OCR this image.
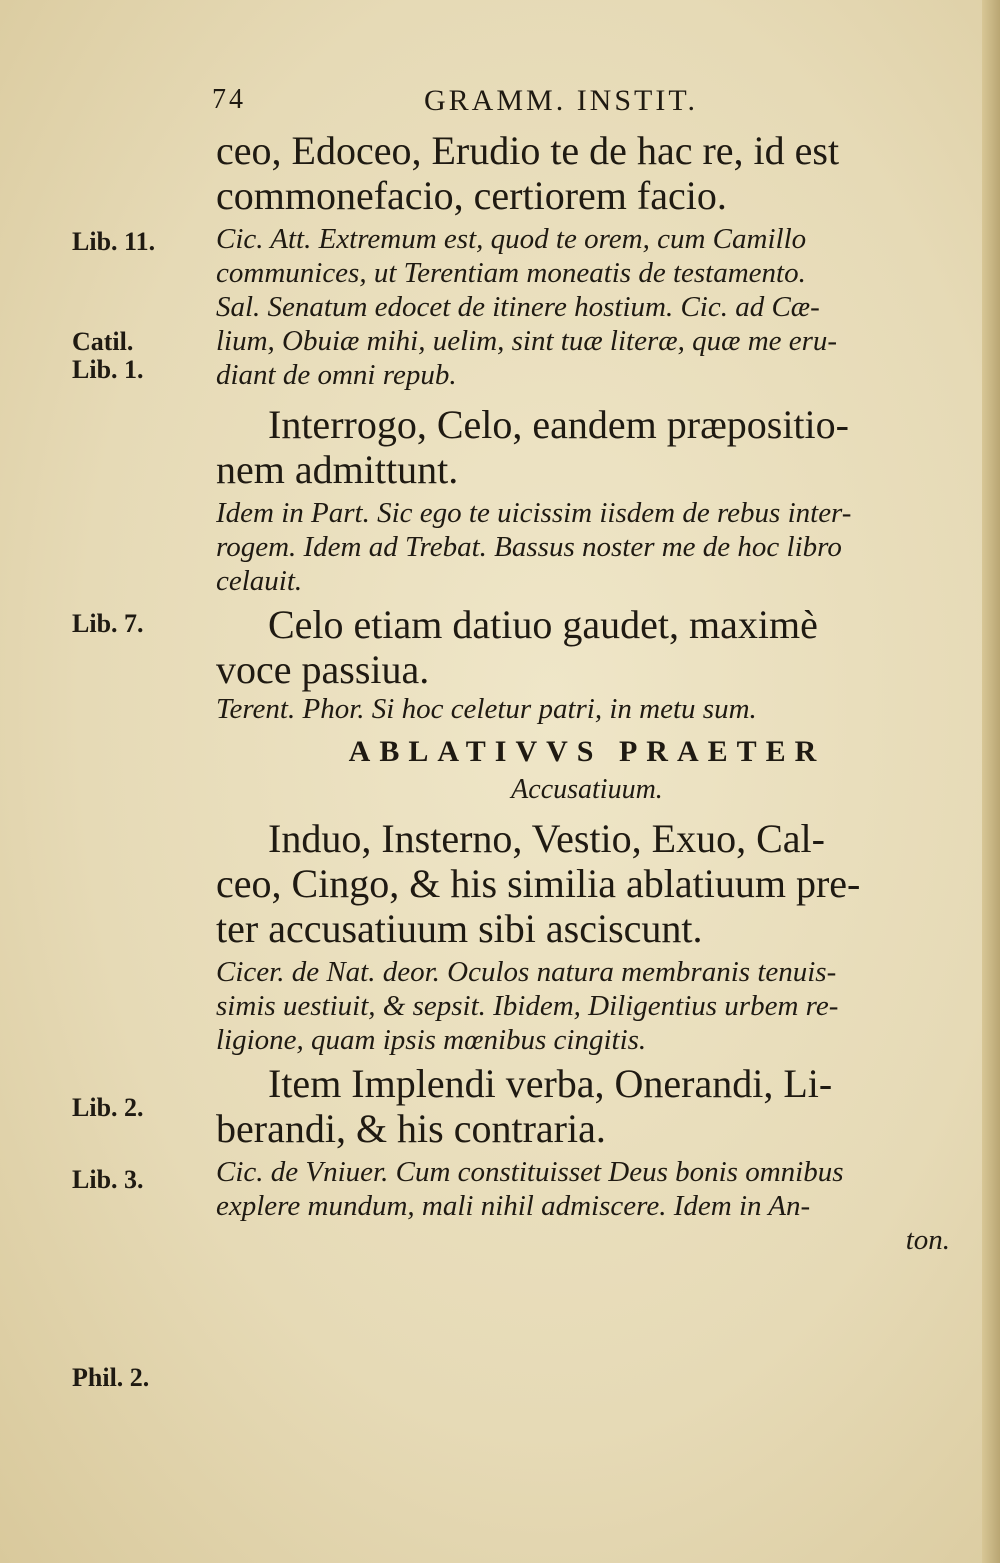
74	GRAMM. INSTIT.
Lib. 11.
Catil.
Lib. 1.
Lib. 7.
Lib. 2.
Lib. 3.
Phil. 2.
ceo, Edoceo, Erudio te de hac re, id est
commonefacio, certiorem facio.
Cic. Att. Extremum est, quod te orem, cum Camillo
communices, ut Terentiam moneatis de testamento.
Sal. Senatum edocet de itinere hostium. Cic. ad Cæ-
lium, Obuiæ mihi, uelim, sint tuæ literæ, quæ me eru-
diant de omni repub.
Interrogo, Celo, eandem præpositio-
nem admittunt.
Idem in Part. Sic ego te uicissim iisdem de rebus inter-
rogem. Idem ad Trebat. Bassus noster me de hoc libro
celauit.
Celo etiam datiuo gaudet, maximè
voce passiua.
Terent. Phor. Si hoc celetur patri, in metu sum.
ABLATIVVS PRAETER
Accusatiuum.
Induo, Insterno, Vestio, Exuo, Cal-
ceo, Cingo, & his similia ablatiuum pre-
ter accusatiuum sibi asciscunt.
Cicer. de Nat. deor. Oculos natura membranis tenuis-
simis uestiuit, & sepsit. Ibidem, Diligentius urbem re-
ligione, quam ipsis mœnibus cingitis.
Item Implendi verba, Onerandi, Li-
berandi, & his contraria.
Cic. de Vniuer. Cum constituisset Deus bonis omnibus
explere mundum, mali nihil admiscere. Idem in An-
ton.
